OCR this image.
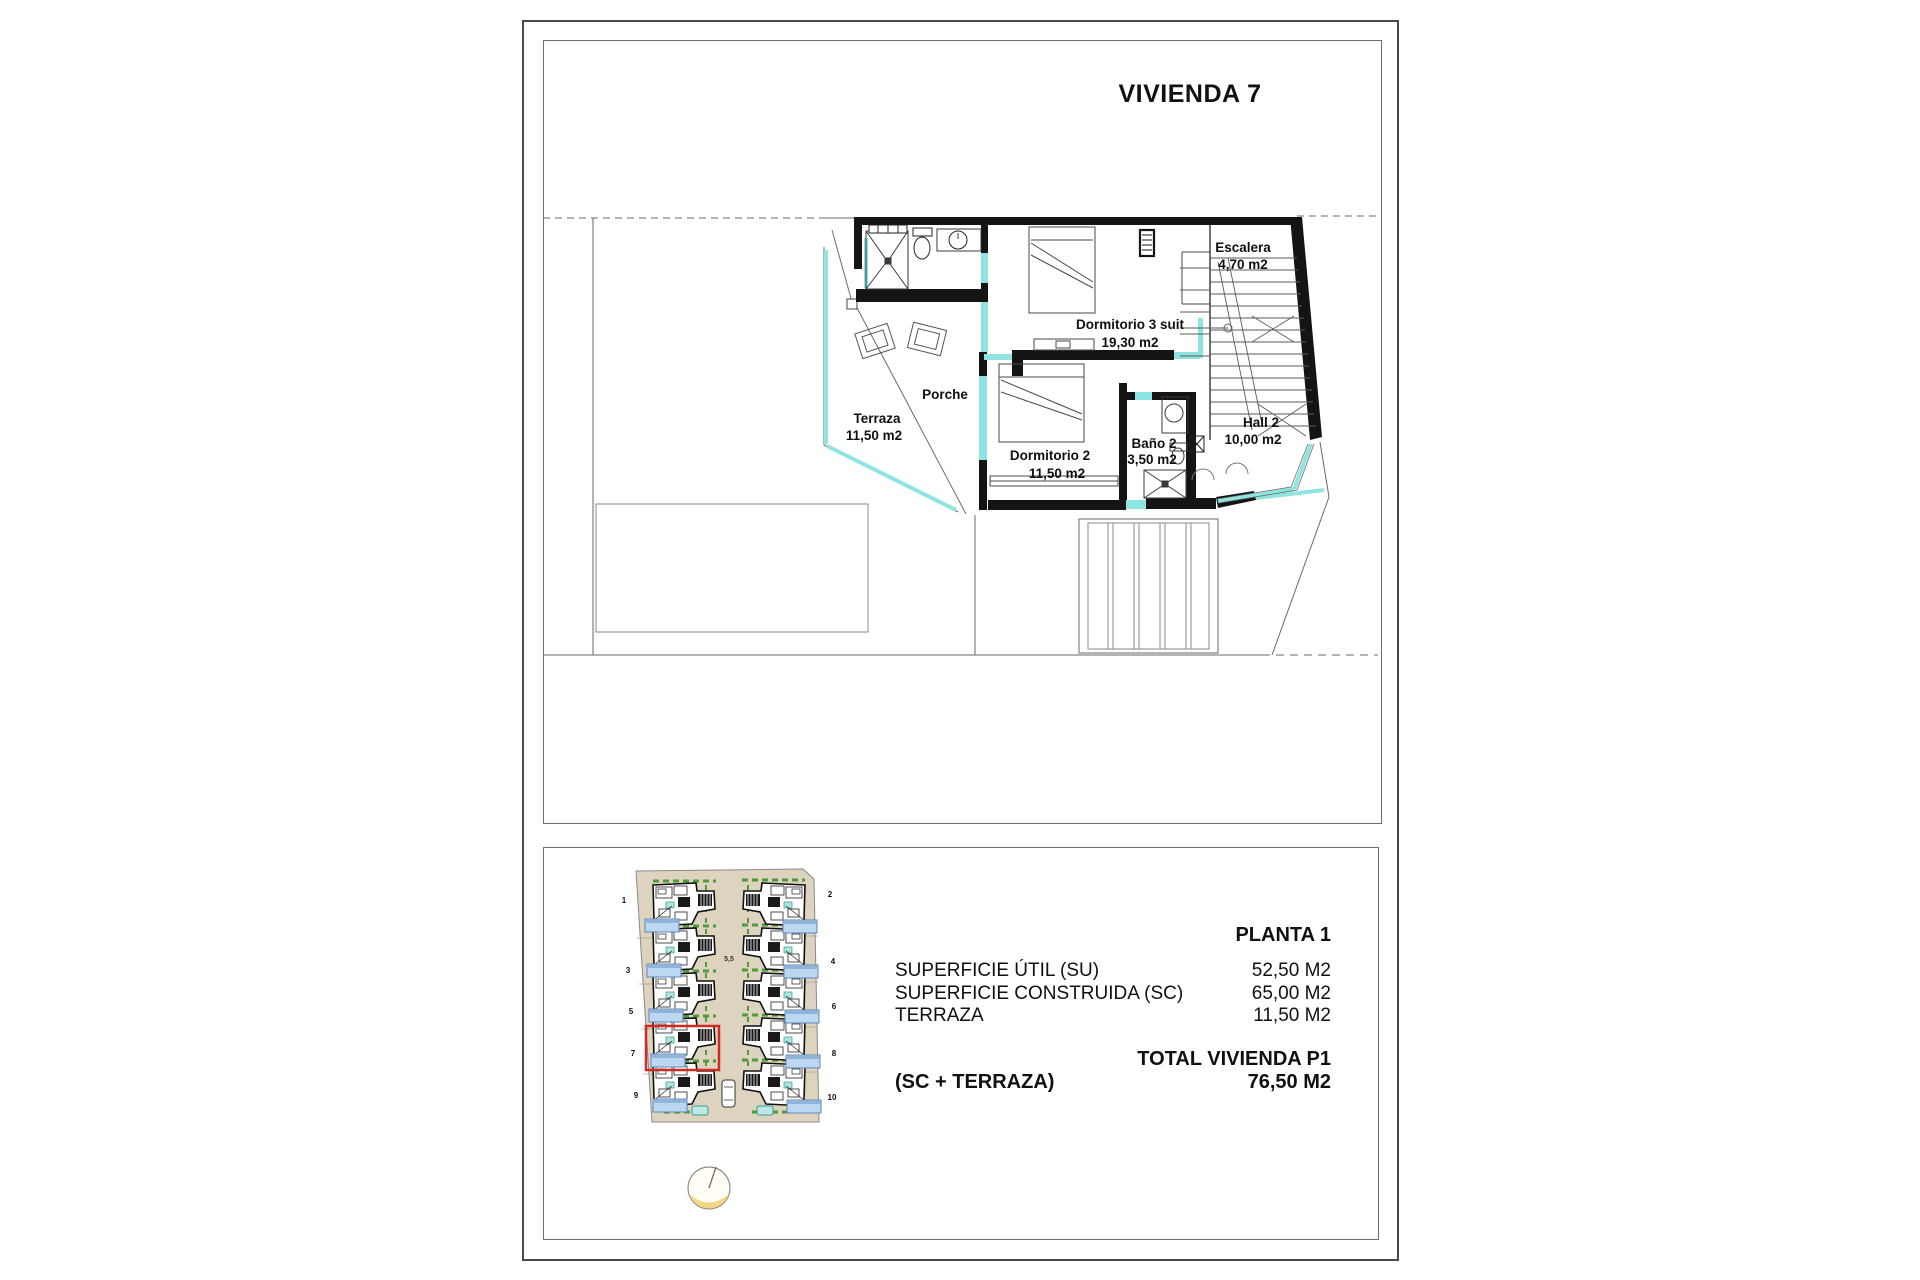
VIVIENDA 7
Escalera
4,70 m2
Dormitorio 3 suit
19,30 m2
Porche
Terraza
11,50 m2
Dormitorio 2
11,50 m2
Baño 2
3,50 m2
Hall 2
10,00 m2
1
2
3
4
5
6
7	8
9	10
5,5
PLANTA 1
SUPERFICIE ÚTIL (SU)	52,50 M2
SUPERFICIE CONSTRUIDA (SC)	65,00 M2
TERRAZA	11,50 M2
TOTAL VIVIENDA P1
(SC + TERRAZA)	76,50 M2
